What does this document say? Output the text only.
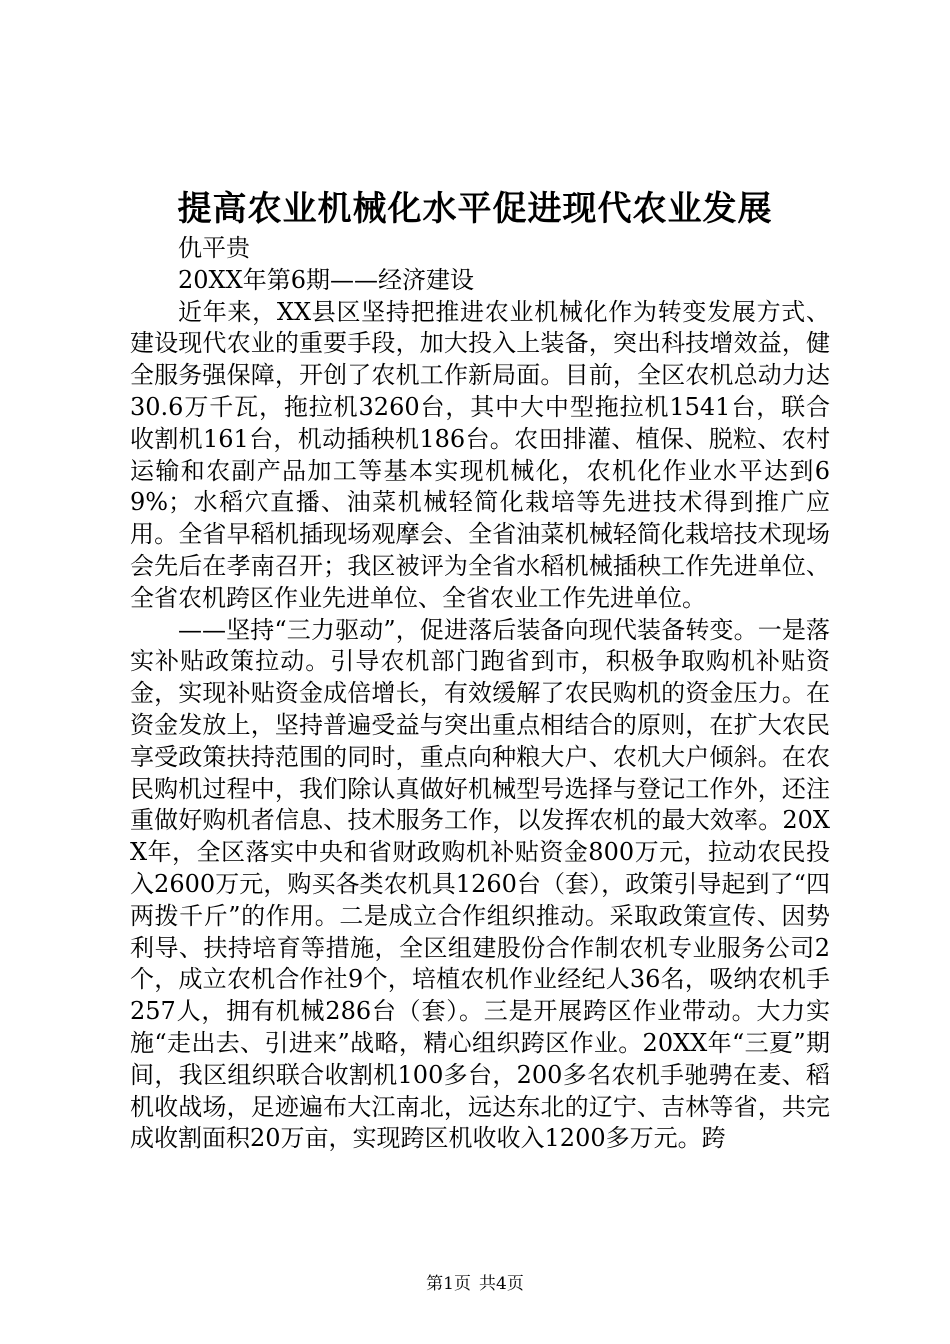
提高农业机械化水平促进现代农业发展

仇平贵

20XX年第6期——经济建设

近年来，XX县区坚持把推进农业机械化作为转变发展方式、建设现代农业的重要手段，加大投入上装备，突出科技增效益，健全服务强保障，开创了农机工作新局面。目前，全区农机总动力达30.6万千瓦，拖拉机3260台，其中大中型拖拉机1541台，联合收割机161台，机动插秧机186台。农田排灌、植保、脱粒、农村运输和农副产品加工等基本实现机械化，农机化作业水平达到69%；水稻穴直播、油菜机械轻简化栽培等先进技术得到推广应用。全省早稻机插现场观摩会、全省油菜机械轻简化栽培技术现场会先后在孝南召开；我区被评为全省水稻机械插秧工作先进单位、全省农机跨区作业先进单位、全省农业工作先进单位。

——坚持“三力驱动”，促进落后装备向现代装备转变。一是落实补贴政策拉动。引导农机部门跑省到市，积极争取购机补贴资金，实现补贴资金成倍增长，有效缓解了农民购机的资金压力。在资金发放上，坚持普遍受益与突出重点相结合的原则，在扩大农民享受政策扶持范围的同时，重点向种粮大户、农机大户倾斜。在农民购机过程中，我们除认真做好机械型号选择与登记工作外，还注重做好购机者信息、技术服务工作，以发挥农机的最大效率。20XX年，全区落实中央和省财政购机补贴资金800万元，拉动农民投入2600万元，购买各类农机具1260台（套），政策引导起到了“四两拨千斤”的作用。二是成立合作组织推动。采取政策宣传、因势利导、扶持培育等措施，全区组建股份合作制农机专业服务公司2个，成立农机合作社9个，培植农机作业经纪人36名，吸纳农机手257人，拥有机械286台（套）。三是开展跨区作业带动。大力实施“走出去、引进来”战略，精心组织跨区作业。20XX年“三夏”期间，我区组织联合收割机100多台，200多名农机手驰骋在麦、稻机收战场，足迹遍布大江南北，远达东北的辽宁、吉林等省，共完成收割面积20万亩，实现跨区机收收入1200多万元。跨

第1页 共4页
